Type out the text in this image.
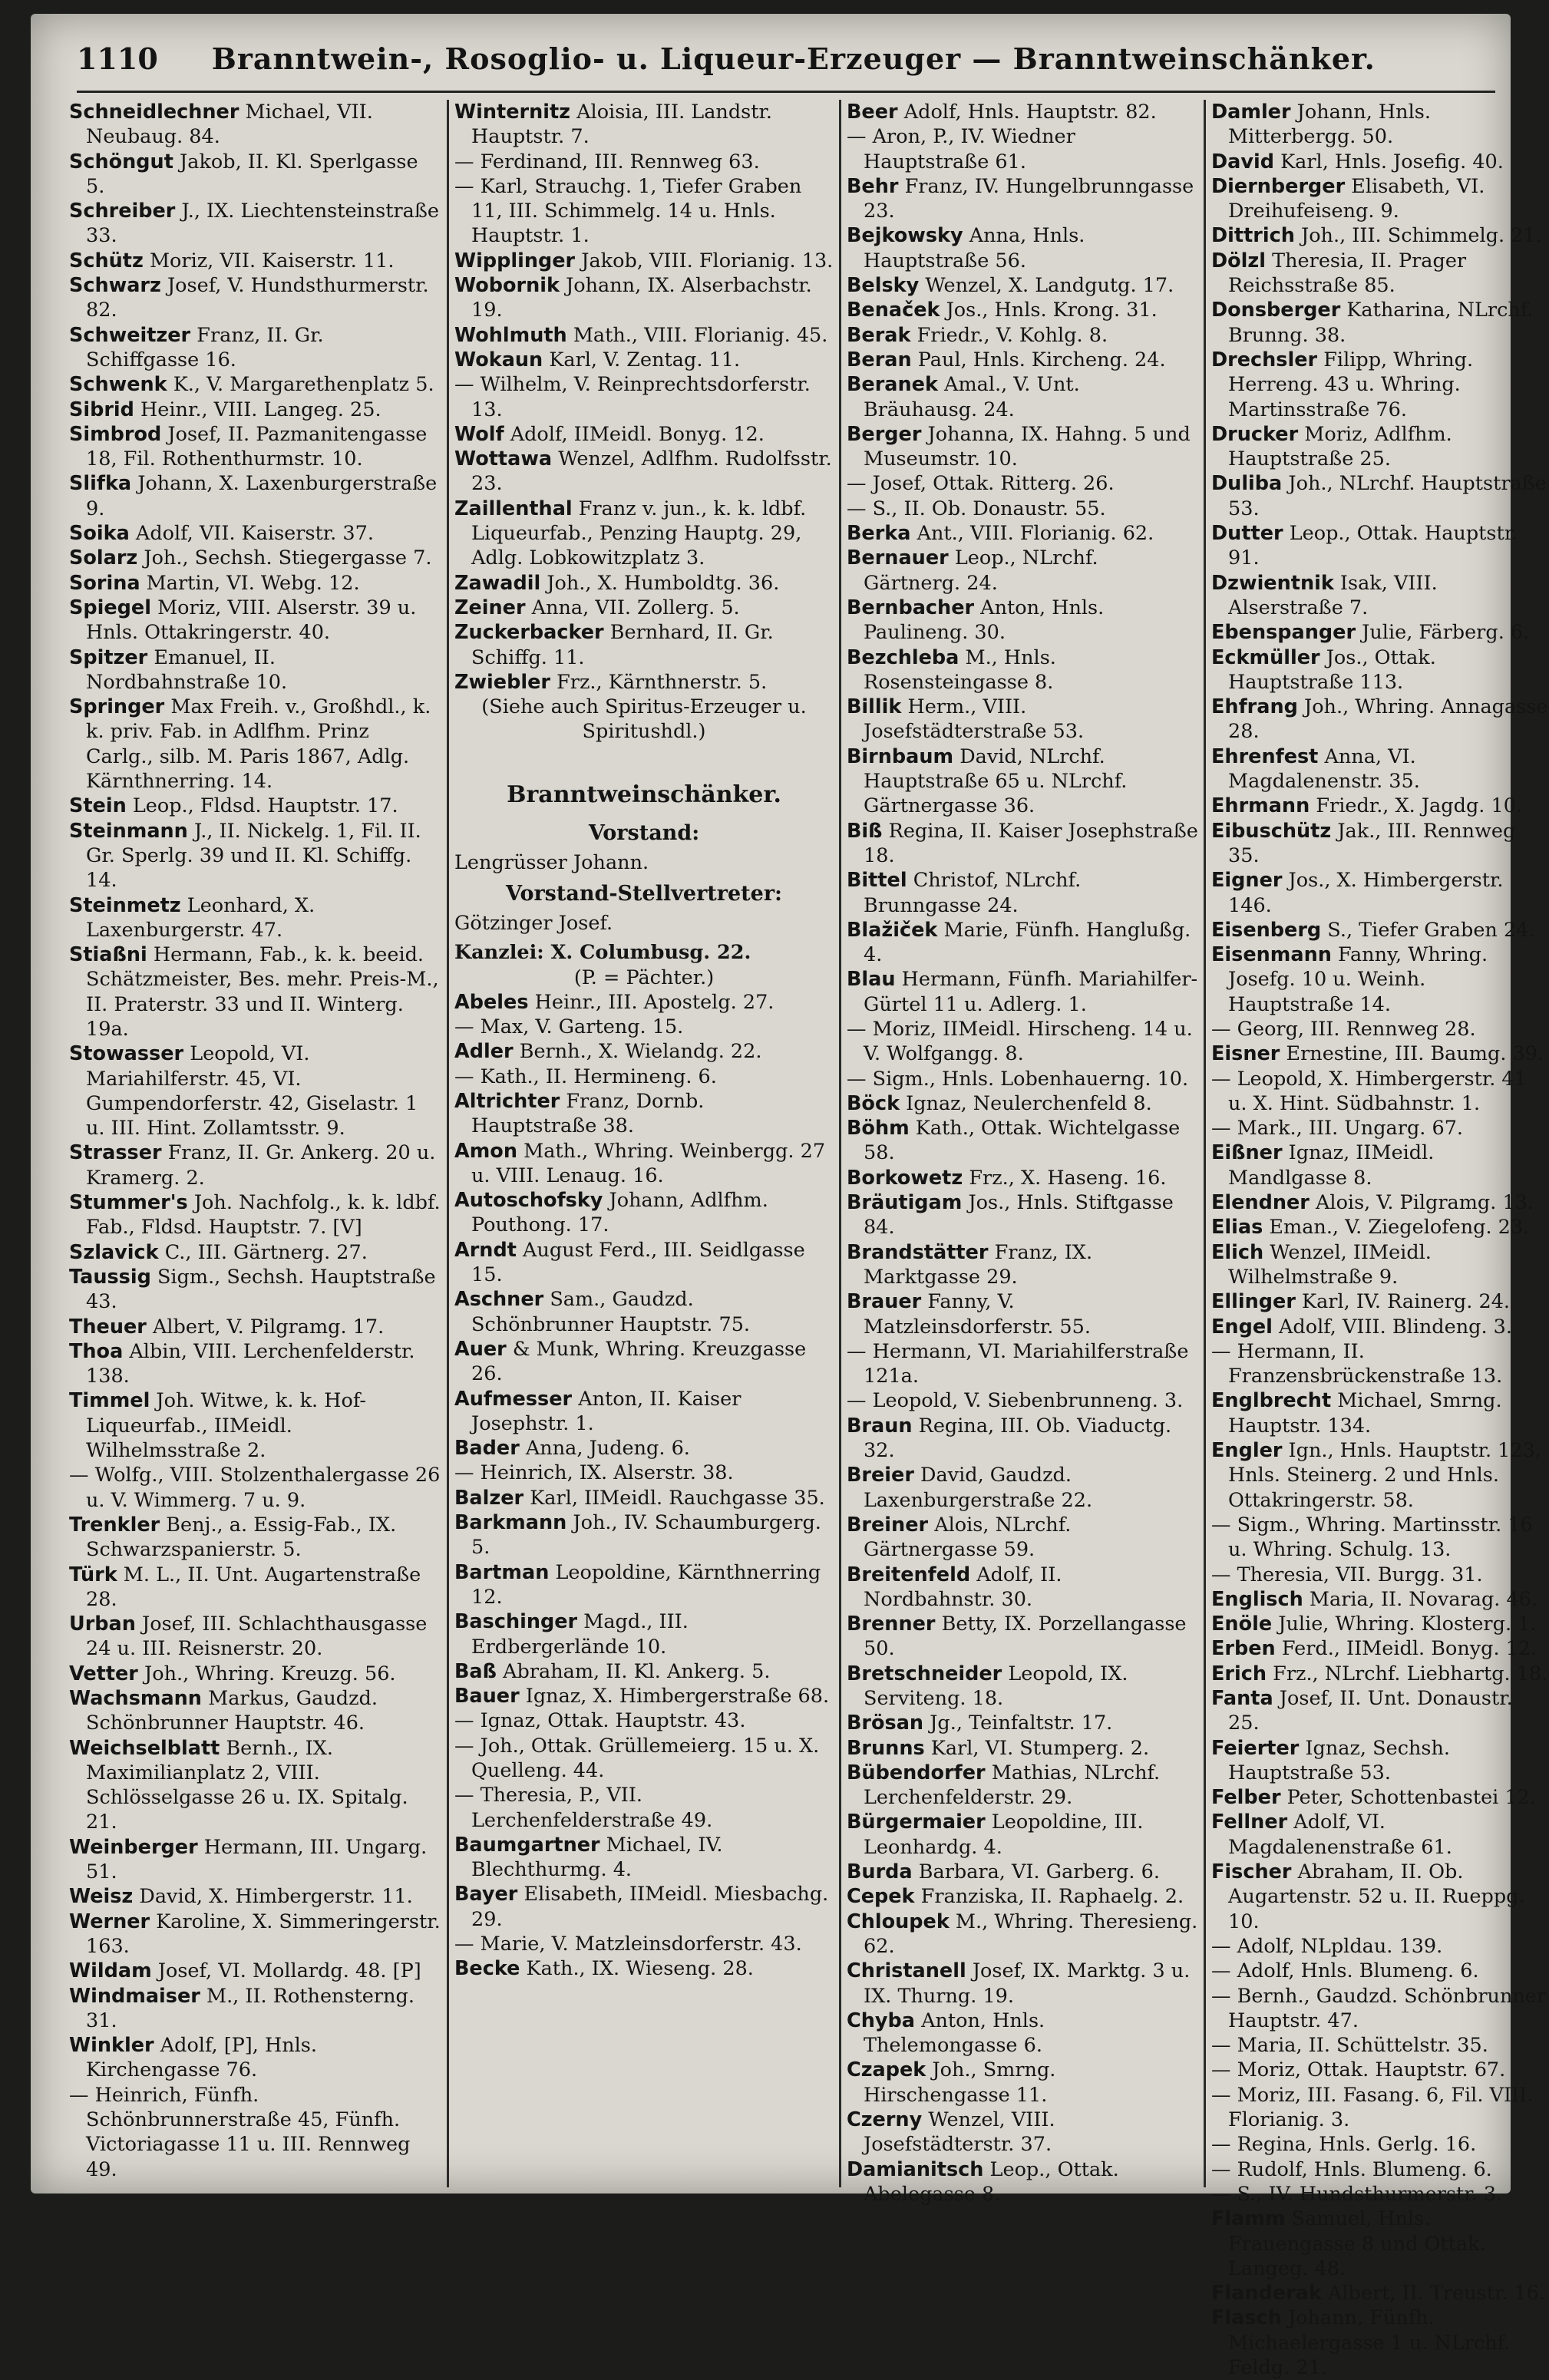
1110 Branntwein-, Rosoglio- u. Liqueur-Erzeuger — Branntweinschänker.

Schneidlechner Michael, VII. Neubaug. 84.

Schöngut Jakob, II. Kl. Sperlgasse 5.

Schreiber J., IX. Liechtensteinstraße 33.

Schütz Moriz, VII. Kaiserstr. 11.

Schwarz Josef, V. Hundsthurmerstr. 82.

Schweitzer Franz, II. Gr. Schiffgasse 16.

Schwenk K., V. Margarethenplatz 5.

Sibrid Heinr., VIII. Langeg. 25.

Simbrod Josef, II. Pazmanitengasse 18, Fil. Rothenthurmstr. 10.

Slifka Johann, X. Laxenburgerstraße 9.

Soika Adolf, VII. Kaiserstr. 37.

Solarz Joh., Sechsh. Stiegergasse 7.

Sorina Martin, VI. Webg. 12.

Spiegel Moriz, VIII. Alserstr. 39 u. Hnls. Ottakringerstr. 40.

Spitzer Emanuel, II. Nordbahnstraße 10.

Springer Max Freih. v., Großhdl., k. k. priv. Fab. in Adlfhm. Prinz Carlg., silb. M. Paris 1867, Adlg. Kärnthnerring. 14.

Stein Leop., Fldsd. Hauptstr. 17.

Steinmann J., II. Nickelg. 1, Fil. II. Gr. Sperlg. 39 und II. Kl. Schiffg. 14.

Steinmetz Leonhard, X. Laxenburgerstr. 47.

Stiaßni Hermann, Fab., k. k. beeid. Schätzmeister, Bes. mehr. Preis-M., II. Praterstr. 33 und II. Winterg. 19a.

Stowasser Leopold, VI. Mariahilferstr. 45, VI. Gumpendorferstr. 42, Giselastr. 1 u. III. Hint. Zollamtsstr. 9.

Strasser Franz, II. Gr. Ankerg. 20 u. Kramerg. 2.

Stummer's Joh. Nachfolg., k. k. ldbf. Fab., Fldsd. Hauptstr. 7. [V]

Szlavick C., III. Gärtnerg. 27.

Taussig Sigm., Sechsh. Hauptstraße 43.

Theuer Albert, V. Pilgramg. 17.

Thoa Albin, VIII. Lerchenfelderstr. 138.

Timmel Joh. Witwe, k. k. Hof-Liqueurfab., IIMeidl. Wilhelmsstraße 2.

— Wolfg., VIII. Stolzenthalergasse 26 u. V. Wimmerg. 7 u. 9.

Trenkler Benj., a. Essig-Fab., IX. Schwarzspanierstr. 5.

Türk M. L., II. Unt. Augartenstraße 28.

Urban Josef, III. Schlachthausgasse 24 u. III. Reisnerstr. 20.

Vetter Joh., Whring. Kreuzg. 56.

Wachsmann Markus, Gaudzd. Schönbrunner Hauptstr. 46.

Weichselblatt Bernh., IX. Maximilianplatz 2, VIII. Schlösselgasse 26 u. IX. Spitalg. 21.

Weinberger Hermann, III. Ungarg. 51.

Weisz David, X. Himbergerstr. 11.

Werner Karoline, X. Simmeringerstr. 163.

Wildam Josef, VI. Mollardg. 48. [P]

Windmaiser M., II. Rothensterng. 31.

Winkler Adolf, [P], Hnls. Kirchengasse 76.

— Heinrich, Fünfh. Schönbrunnerstraße 45, Fünfh. Victoriagasse 11 u. III. Rennweg 49.

Winternitz Aloisia, III. Landstr. Hauptstr. 7.

— Ferdinand, III. Rennweg 63.

— Karl, Strauchg. 1, Tiefer Graben 11, III. Schimmelg. 14 u. Hnls. Hauptstr. 1.

Wipplinger Jakob, VIII. Florianig. 13.

Wobornik Johann, IX. Alserbachstr. 19.

Wohlmuth Math., VIII. Florianig. 45.

Wokaun Karl, V. Zentag. 11.

— Wilhelm, V. Reinprechtsdorferstr. 13.

Wolf Adolf, IIMeidl. Bonyg. 12.

Wottawa Wenzel, Adlfhm. Rudolfsstr. 23.

Zaillenthal Franz v. jun., k. k. ldbf. Liqueurfab., Penzing Hauptg. 29, Adlg. Lobkowitzplatz 3.

Zawadil Joh., X. Humboldtg. 36.

Zeiner Anna, VII. Zollerg. 5.

Zuckerbacker Bernhard, II. Gr. Schiffg. 11.

Zwiebler Frz., Kärnthnerstr. 5.

(Siehe auch Spiritus-Erzeuger u. Spiritushdl.)

Branntweinschänker.
Vorstand:

Lengrüsser Johann.

Vorstand-Stellvertreter:

Götzinger Josef.

Kanzlei: X. Columbusg. 22.

(P. = Pächter.)

Abeles Heinr., III. Apostelg. 27.

— Max, V. Garteng. 15.

Adler Bernh., X. Wielandg. 22.

— Kath., II. Hermineng. 6.

Altrichter Franz, Dornb. Hauptstraße 38.

Amon Math., Whring. Weinbergg. 27 u. VIII. Lenaug. 16.

Autoschofsky Johann, Adlfhm. Pouthong. 17.

Arndt August Ferd., III. Seidlgasse 15.

Aschner Sam., Gaudzd. Schönbrunner Hauptstr. 75.

Auer & Munk, Whring. Kreuzgasse 26.

Aufmesser Anton, II. Kaiser Josephstr. 1.

Bader Anna, Judeng. 6.

— Heinrich, IX. Alserstr. 38.

Balzer Karl, IIMeidl. Rauchgasse 35.

Barkmann Joh., IV. Schaumburgerg. 5.

Bartman Leopoldine, Kärnthnerring 12.

Baschinger Magd., III. Erdbergerlände 10.

Baß Abraham, II. Kl. Ankerg. 5.

Bauer Ignaz, X. Himbergerstraße 68.

— Ignaz, Ottak. Hauptstr. 43.

— Joh., Ottak. Grüllemeierg. 15 u. X. Quelleng. 44.

— Theresia, P., VII. Lerchenfelderstraße 49.

Baumgartner Michael, IV. Blechthurmg. 4.

Bayer Elisabeth, IIMeidl. Miesbachg. 29.

— Marie, V. Matzleinsdorferstr. 43.

Becke Kath., IX. Wieseng. 28.

Beer Adolf, Hnls. Hauptstr. 82.

— Aron, P., IV. Wiedner Hauptstraße 61.

Behr Franz, IV. Hungelbrunngasse 23.

Bejkowsky Anna, Hnls. Hauptstraße 56.

Belsky Wenzel, X. Landgutg. 17.

Benaček Jos., Hnls. Krong. 31.

Berak Friedr., V. Kohlg. 8.

Beran Paul, Hnls. Kircheng. 24.

Beranek Amal., V. Unt. Bräuhausg. 24.

Berger Johanna, IX. Hahng. 5 und Museumstr. 10.

— Josef, Ottak. Ritterg. 26.

— S., II. Ob. Donaustr. 55.

Berka Ant., VIII. Florianig. 62.

Bernauer Leop., NLrchf. Gärtnerg. 24.

Bernbacher Anton, Hnls. Paulineng. 30.

Bezchleba M., Hnls. Rosensteingasse 8.

Billik Herm., VIII. Josefstädterstraße 53.

Birnbaum David, NLrchf. Hauptstraße 65 u. NLrchf. Gärtnergasse 36.

Biß Regina, II. Kaiser Josephstraße 18.

Bittel Christof, NLrchf. Brunngasse 24.

Blažiček Marie, Fünfh. Hanglußg. 4.

Blau Hermann, Fünfh. Mariahilfer-Gürtel 11 u. Adlerg. 1.

— Moriz, IIMeidl. Hirscheng. 14 u. V. Wolfgangg. 8.

— Sigm., Hnls. Lobenhauerng. 10.

Böck Ignaz, Neulerchenfeld 8.

Böhm Kath., Ottak. Wichtelgasse 58.

Borkowetz Frz., X. Haseng. 16.

Bräutigam Jos., Hnls. Stiftgasse 84.

Brandstätter Franz, IX. Marktgasse 29.

Brauer Fanny, V. Matzleinsdorferstr. 55.

— Hermann, VI. Mariahilferstraße 121a.

— Leopold, V. Siebenbrunneng. 3.

Braun Regina, III. Ob. Viaductg. 32.

Breier David, Gaudzd. Laxenburgerstraße 22.

Breiner Alois, NLrchf. Gärtnergasse 59.

Breitenfeld Adolf, II. Nordbahnstr. 30.

Brenner Betty, IX. Porzellangasse 50.

Bretschneider Leopold, IX. Serviteng. 18.

Brösan Jg., Teinfaltstr. 17.

Brunns Karl, VI. Stumperg. 2.

Bübendorfer Mathias, NLrchf. Lerchenfelderstr. 29.

Bürgermaier Leopoldine, III. Leonhardg. 4.

Burda Barbara, VI. Garberg. 6.

Cepek Franziska, II. Raphaelg. 2.

Chloupek M., Whring. Theresieng. 62.

Christanell Josef, IX. Marktg. 3 u. IX. Thurng. 19.

Chyba Anton, Hnls. Thelemongasse 6.

Czapek Joh., Smrng. Hirschengasse 11.

Czerny Wenzel, VIII. Josefstädterstr. 37.

Damianitsch Leop., Ottak. Abelegasse 8.

Damler Johann, Hnls. Mitterbergg. 50.

David Karl, Hnls. Josefig. 40.

Diernberger Elisabeth, VI. Dreihufeiseng. 9.

Dittrich Joh., III. Schimmelg. 21.

Dölzl Theresia, II. Prager Reichsstraße 85.

Donsberger Katharina, NLrchf. Brunng. 38.

Drechsler Filipp, Whring. Herreng. 43 u. Whring. Martinsstraße 76.

Drucker Moriz, Adlfhm. Hauptstraße 25.

Duliba Joh., NLrchf. Hauptstraße 53.

Dutter Leop., Ottak. Hauptstr. 91.

Dzwientnik Isak, VIII. Alserstraße 7.

Ebenspanger Julie, Färberg. 6.

Eckmüller Jos., Ottak. Hauptstraße 113.

Ehfrang Joh., Whring. Annagasse 28.

Ehrenfest Anna, VI. Magdalenenstr. 35.

Ehrmann Friedr., X. Jagdg. 10.

Eibuschütz Jak., III. Rennweg 35.

Eigner Jos., X. Himbergerstr. 146.

Eisenberg S., Tiefer Graben 24.

Eisenmann Fanny, Whring. Josefg. 10 u. Weinh. Hauptstraße 14.

— Georg, III. Rennweg 28.

Eisner Ernestine, III. Baumg. 39.

— Leopold, X. Himbergerstr. 41 u. X. Hint. Südbahnstr. 1.

— Mark., III. Ungarg. 67.

Eißner Ignaz, IIMeidl. Mandlgasse 8.

Elendner Alois, V. Pilgramg. 13.

Elias Eman., V. Ziegelofeng. 23.

Elich Wenzel, IIMeidl. Wilhelmstraße 9.

Ellinger Karl, IV. Rainerg. 24.

Engel Adolf, VIII. Blindeng. 3.

— Hermann, II. Franzensbrückenstraße 13.

Englbrecht Michael, Smrng. Hauptstr. 134.

Engler Ign., Hnls. Hauptstr. 123, Hnls. Steinerg. 2 und Hnls. Ottakringerstr. 58.

— Sigm., Whring. Martinsstr. 16 u. Whring. Schulg. 13.

— Theresia, VII. Burgg. 31.

Englisch Maria, II. Novarag. 46.

Enöle Julie, Whring. Klosterg. 1.

Erben Ferd., IIMeidl. Bonyg. 12.

Erich Frz., NLrchf. Liebhartg. 18.

Fanta Josef, II. Unt. Donaustr. 25.

Feierter Ignaz, Sechsh. Hauptstraße 53.

Felber Peter, Schottenbastei 12.

Fellner Adolf, VI. Magdalenenstraße 61.

Fischer Abraham, II. Ob. Augartenstr. 52 u. II. Rueppg. 10.

— Adolf, NLpldau. 139.

— Adolf, Hnls. Blumeng. 6.

— Bernh., Gaudzd. Schönbrunner Hauptstr. 47.

— Maria, II. Schüttelstr. 35.

— Moriz, Ottak. Hauptstr. 67.

— Moriz, III. Fasang. 6, Fil. VIII. Florianig. 3.

— Regina, Hnls. Gerlg. 16.

— Rudolf, Hnls. Blumeng. 6.

— S., IV. Hundsthurmerstr. 3.

Flamm Samuel, Hnls. Frauengasse 8 und Ottak. Langeg. 48.

Flanderak Albert, II. Treustr. 16.

Flasch Johann, Fünfh. Michaelergasse 1 u. NLrchf. Feldg. 21.
